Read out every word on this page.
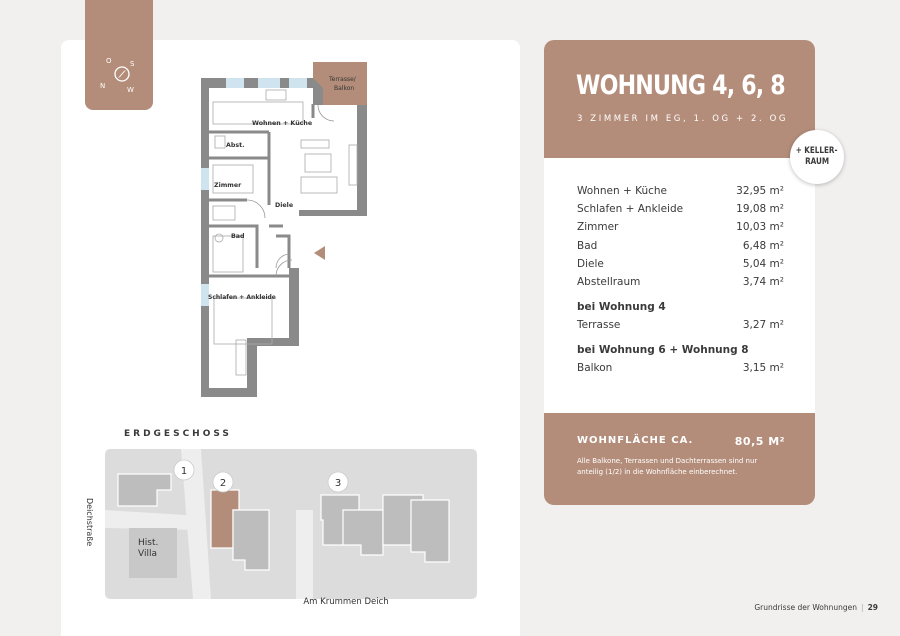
O	S
N	W
Terrasse/
Balkon
Wohnen + Küche
Abst.
Zimmer
Diele
Bad
Schlafen + Ankleide
1
2	3
Deichstraße	Hist.
Villa
Am Krummen Deich
ERDGESCHOSS
WOHNUNG 4, 6, 8
3 ZIMMER IM EG, 1. OG + 2. OG
Wohnen + Küche	32,95 m²
Schlafen + Ankleide	19,08 m²
Zimmer	10,03 m²
Bad	6,48 m²
Diele	5,04 m²
Abstellraum	3,74 m²
bei Wohnung 4
Terrasse	3,27 m²
bei Wohnung 6 + Wohnung 8
Balkon	3,15 m²
WOHNFLÄCHE CA.	80,5 M²
Alle Balkone, Terrassen und Dachterrassen sind nur anteilig (1/2) in die Wohnfläche einberechnet.
+ KELLER-
RAUM
Grundrisse der Wohnungen | 29
